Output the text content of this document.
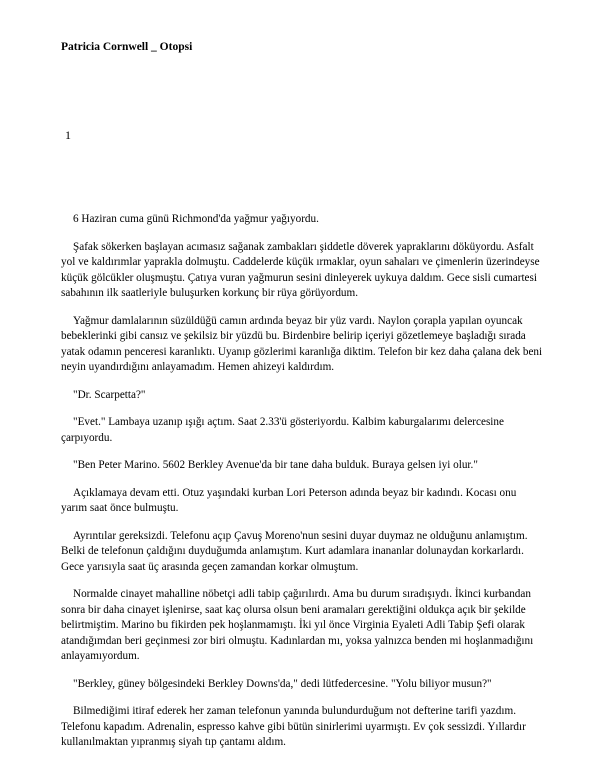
Patricia Cornwell _ Otopsi
1

6 Haziran cuma günü Richmond'da yağmur yağıyordu.

Şafak sökerken başlayan acımasız sağanak zambakları şiddetle döverek yapraklarını döküyordu. Asfalt yol ve kaldırımlar yaprakla dolmuştu. Caddelerde küçük ırmaklar, oyun sahaları ve çimenlerin üzerindeyse küçük gölcükler oluşmuştu. Çatıya vuran yağmurun sesini dinleyerek uykuya daldım. Gece sisli cumartesi sabahının ilk saatleriyle buluşurken korkunç bir rüya görüyordum.

Yağmur damlalarının süzüldüğü camın ardında beyaz bir yüz vardı. Naylon çorapla yapılan oyuncak bebeklerinki gibi cansız ve şekilsiz bir yüzdü bu. Birdenbire belirip içeriyi gözetlemeye başladığı sırada yatak odamın penceresi karanlıktı. Uyanıp gözlerimi karanlığa diktim. Telefon bir kez daha çalana dek beni neyin uyandırdığını anlayamadım. Hemen ahizeyi kaldırdım.

"Dr. Scarpetta?"

"Evet." Lambaya uzanıp ışığı açtım. Saat 2.33'ü gösteriyordu. Kalbim kaburgalarımı delercesine çarpıyordu.

"Ben Peter Marino. 5602 Berkley Avenue'da bir tane daha bulduk. Buraya gelsen iyi olur."

Açıklamaya devam etti. Otuz yaşındaki kurban Lori Peterson adında beyaz bir kadındı. Kocası onu yarım saat önce bulmuştu.

Ayrıntılar gereksizdi. Telefonu açıp Çavuş Moreno'nun sesini duyar duymaz ne olduğunu anlamıştım. Belki de telefonun çaldığını duyduğumda anlamıştım. Kurt adamlara inananlar dolunaydan korkarlardı. Gece yarısıyla saat üç arasında geçen zamandan korkar olmuştum.

Normalde cinayet mahalline nöbetçi adli tabip çağırılırdı. Ama bu durum sıradışıydı. İkinci kurbandan sonra bir daha cinayet işlenirse, saat kaç olursa olsun beni aramaları gerektiğini oldukça açık bir şekilde belirtmiştim. Marino bu fikirden pek hoşlanmamıştı. İki yıl önce Virginia Eyaleti Adli Tabip Şefi olarak atandığımdan beri geçinmesi zor biri olmuştu. Kadınlardan mı, yoksa yalnızca benden mi hoşlanmadığını anlayamıyordum.

"Berkley, güney bölgesindeki Berkley Downs'da," dedi lütfedercesine. "Yolu biliyor musun?"

Bilmediğimi itiraf ederek her zaman telefonun yanında bulundurduğum not defterine tarifi yazdım. Telefonu kapadım. Adrenalin, espresso kahve gibi bütün sinirlerimi uyarmıştı. Ev çok sessizdi. Yıllardır kullanılmaktan yıpranmış siyah tıp çantamı aldım.
